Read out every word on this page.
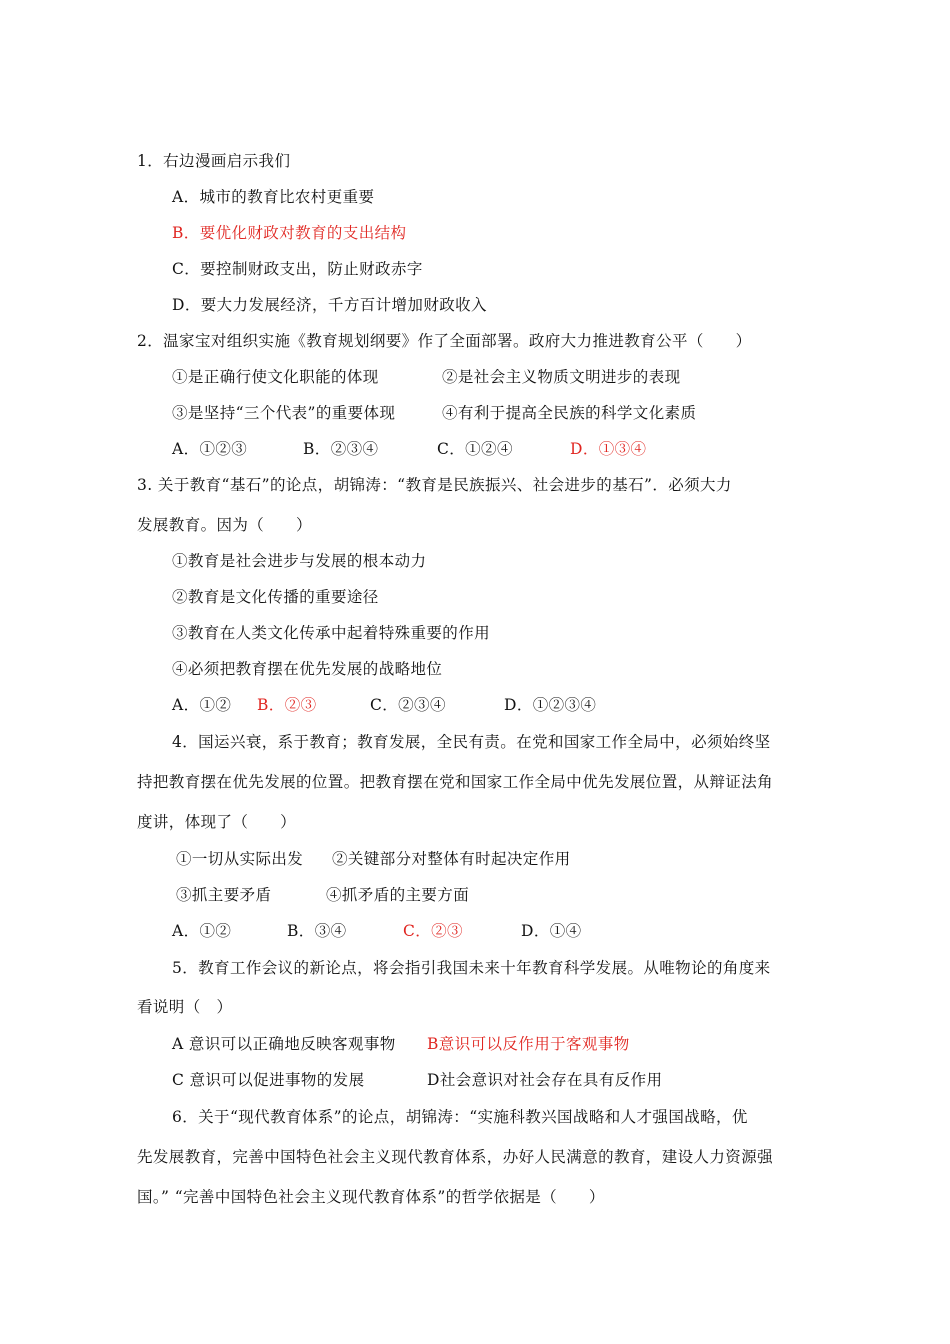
1．右边漫画启示我们
A．城市的教育比农村更重要
B．要优化财政对教育的支出结构
C．要控制财政支出，防止财政赤字
D．要大力发展经济，千方百计增加财政收入
2．温家宝对组织实施《教育规划纲要》作了全面部署。政府大力推进教育公平（　　）
①是正确行使文化职能的体现	②是社会主义物质文明进步的表现
③是坚持“三个代表”的重要体现	④有利于提高全民族的科学文化素质
A．①②③	B．②③④	C．①②④	D．①③④
3. 关于教育“基石”的论点，胡锦涛：“教育是民族振兴、社会进步的基石”．必须大力
发展教育。因为（　　）
①教育是社会进步与发展的根本动力
②教育是文化传播的重要途径
③教育在人类文化传承中起着特殊重要的作用
④必须把教育摆在优先发展的战略地位
A．①② B．②③	C．②③④	D．①②③④
4．国运兴衰，系于教育；教育发展，全民有责。在党和国家工作全局中，必须始终坚
持把教育摆在优先发展的位置。把教育摆在党和国家工作全局中优先发展位置，从辩证法角
度讲，体现了（　　）
①一切从实际出发 ②关键部分对整体有时起决定作用
③抓主要矛盾	④抓矛盾的主要方面
A．①②	B．③④	C．②③	D．①④
5．教育工作会议的新论点，将会指引我国未来十年教育科学发展。从唯物论的角度来
看说明（　）
A 意识可以正确地反映客观事物 B意识可以反作用于客观事物
C 意识可以促进事物的发展	D社会意识对社会存在具有反作用
6．关于“现代教育体系”的论点，胡锦涛：“实施科教兴国战略和人才强国战略，优
先发展教育，完善中国特色社会主义现代教育体系，办好人民满意的教育，建设人力资源强
国。” “完善中国特色社会主义现代教育体系”的哲学依据是（　　）
